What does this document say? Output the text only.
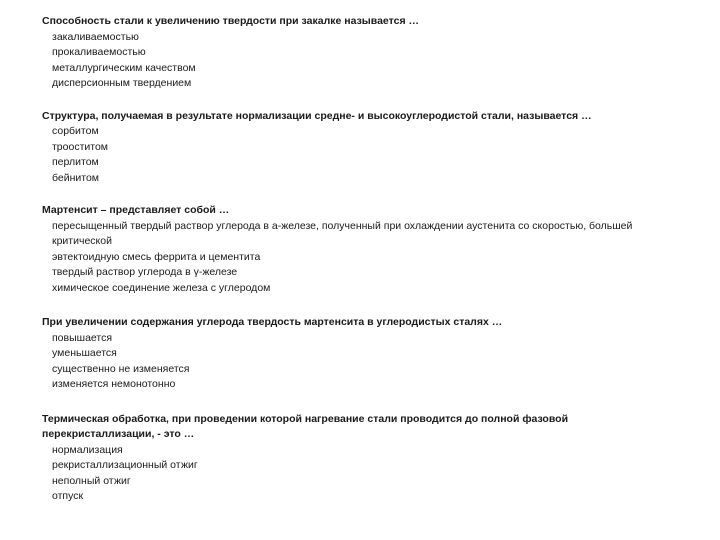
Способность стали к увеличению твердости при закалке называется …
закаливаемостью
прокаливаемостью
металлургическим качеством
дисперсионным твердением
Структура, получаемая в результате нормализации средне- и высокоуглеродистой стали, называется …
сорбитом
трооститом
перлитом
бейнитом
Мартенсит – представляет собой …
пересыщенный твердый раствор углерода в а-железе, полученный при охлаждении аустенита со скоростью, большей критической
эвтектоидную смесь феррита и цементита
твердый раствор углерода в γ-железе
химическое соединение железа с углеродом
При увеличении содержания углерода твердость мартенсита в углеродистых сталях …
повышается
уменьшается
существенно не изменяется
изменяется немонотонно
Термическая обработка, при проведении которой нагревание стали проводится до полной фазовой перекристаллизации, - это …
нормализация
рекристаллизационный отжиг
неполный отжиг
отпуск
